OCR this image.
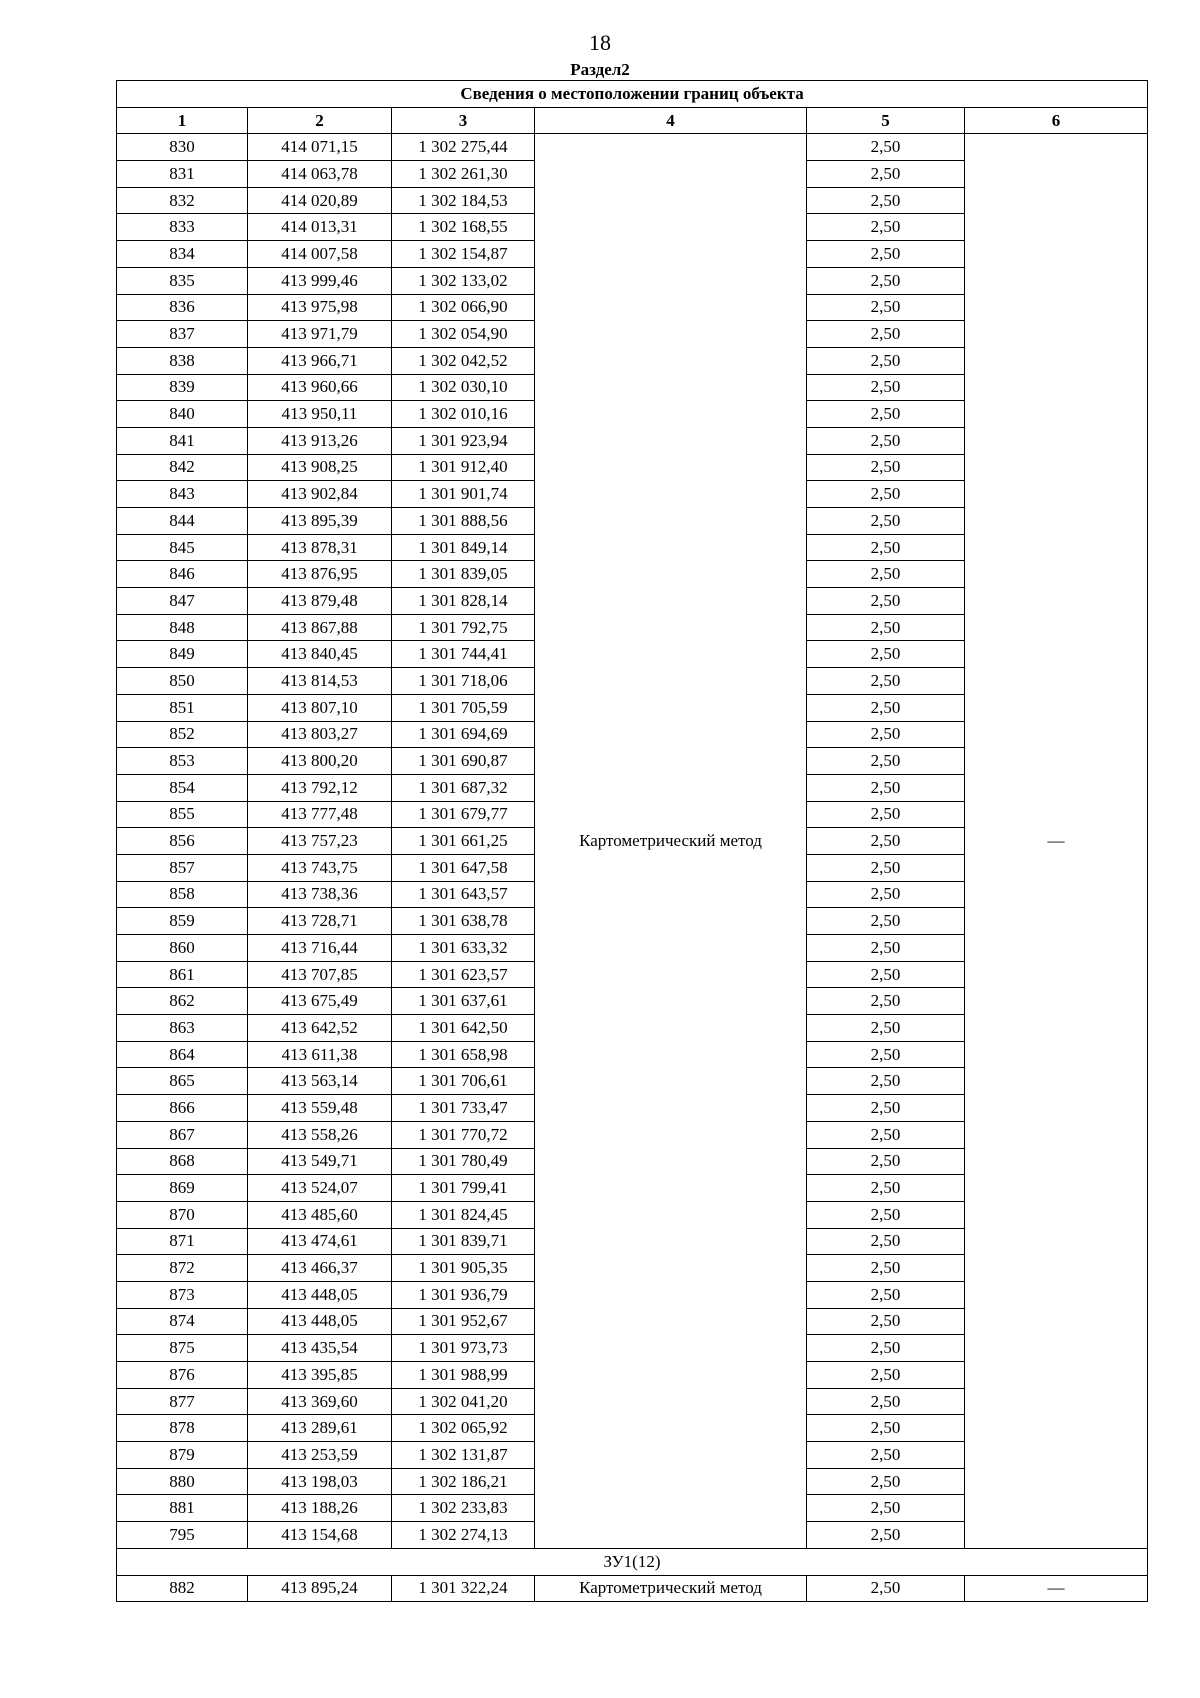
18
Раздел2
Сведения о местоположении границ объекта					
1	2	3	4	5	6
830	414 071,15	1 302 275,44	Картометрический метод	2,50	—
831	414 063,78	1 302 261,30		2,50	
832	414 020,89	1 302 184,53		2,50	
833	414 013,31	1 302 168,55		2,50	
834	414 007,58	1 302 154,87		2,50	
835	413 999,46	1 302 133,02		2,50	
836	413 975,98	1 302 066,90		2,50	
837	413 971,79	1 302 054,90		2,50	
838	413 966,71	1 302 042,52		2,50	
839	413 960,66	1 302 030,10		2,50	
840	413 950,11	1 302 010,16		2,50	
841	413 913,26	1 301 923,94		2,50	
842	413 908,25	1 301 912,40		2,50	
843	413 902,84	1 301 901,74		2,50	
844	413 895,39	1 301 888,56		2,50	
845	413 878,31	1 301 849,14		2,50	
846	413 876,95	1 301 839,05		2,50	
847	413 879,48	1 301 828,14		2,50	
848	413 867,88	1 301 792,75		2,50	
849	413 840,45	1 301 744,41		2,50	
850	413 814,53	1 301 718,06		2,50	
851	413 807,10	1 301 705,59		2,50	
852	413 803,27	1 301 694,69		2,50	
853	413 800,20	1 301 690,87		2,50	
854	413 792,12	1 301 687,32		2,50	
855	413 777,48	1 301 679,77		2,50	
856	413 757,23	1 301 661,25		2,50	
857	413 743,75	1 301 647,58		2,50	
858	413 738,36	1 301 643,57		2,50	
859	413 728,71	1 301 638,78		2,50	
860	413 716,44	1 301 633,32		2,50	
861	413 707,85	1 301 623,57		2,50	
862	413 675,49	1 301 637,61		2,50	
863	413 642,52	1 301 642,50		2,50	
864	413 611,38	1 301 658,98		2,50	
865	413 563,14	1 301 706,61		2,50	
866	413 559,48	1 301 733,47		2,50	
867	413 558,26	1 301 770,72		2,50	
868	413 549,71	1 301 780,49		2,50	
869	413 524,07	1 301 799,41		2,50	
870	413 485,60	1 301 824,45		2,50	
871	413 474,61	1 301 839,71		2,50	
872	413 466,37	1 301 905,35		2,50	
873	413 448,05	1 301 936,79		2,50	
874	413 448,05	1 301 952,67		2,50	
875	413 435,54	1 301 973,73		2,50	
876	413 395,85	1 301 988,99		2,50	
877	413 369,60	1 302 041,20		2,50	
878	413 289,61	1 302 065,92		2,50	
879	413 253,59	1 302 131,87		2,50	
880	413 198,03	1 302 186,21		2,50	
881	413 188,26	1 302 233,83		2,50	
795	413 154,68	1 302 274,13		2,50	
ЗУ1(12)					
882	413 895,24	1 301 322,24	Картометрический метод	2,50	—
